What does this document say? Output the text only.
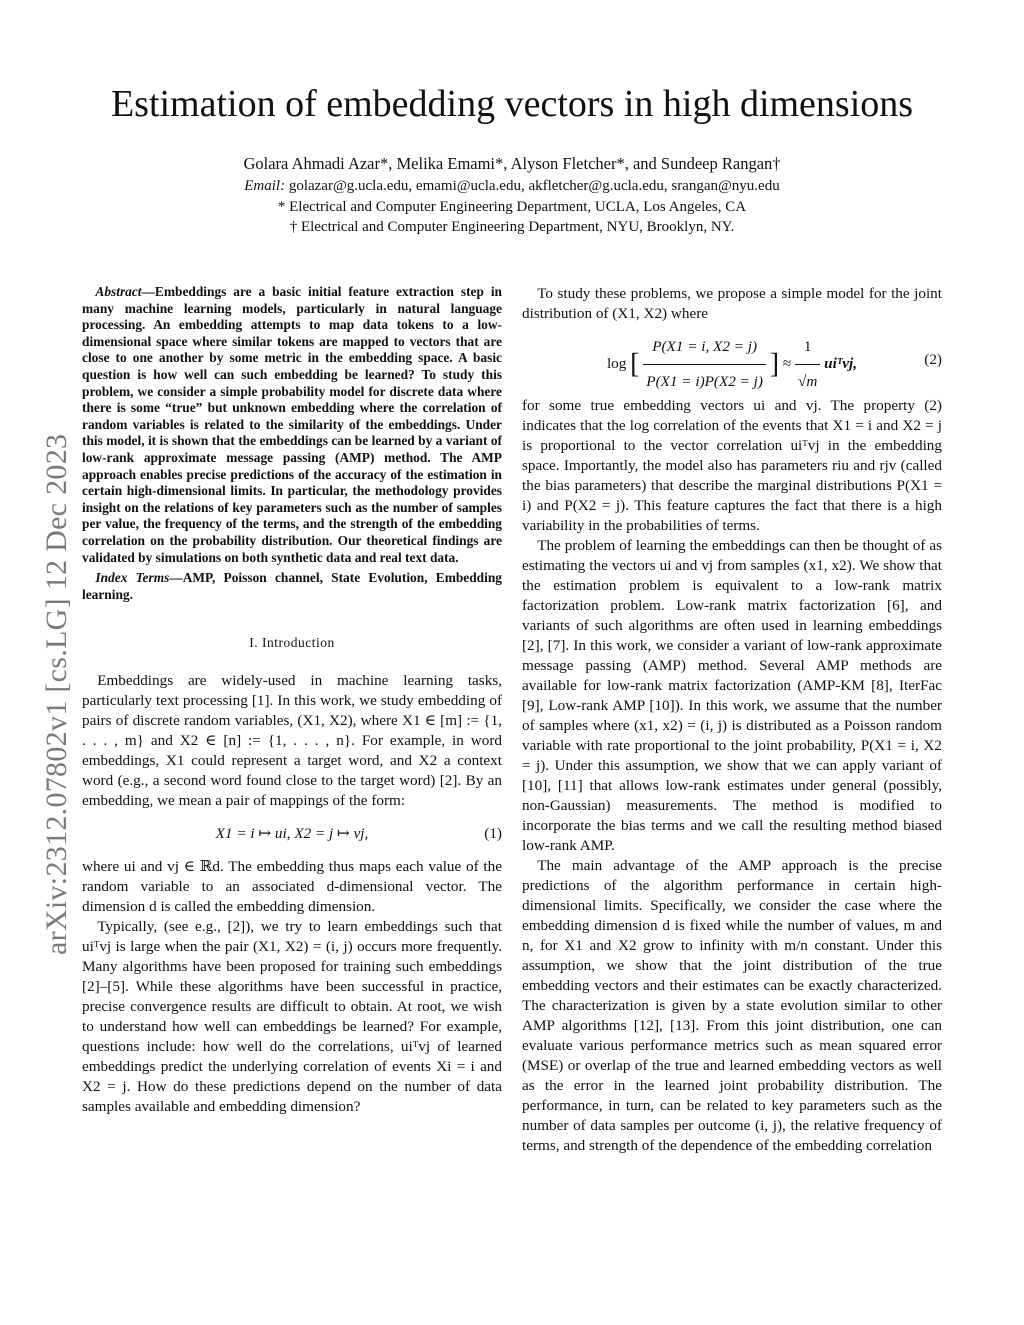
arXiv:2312.07802v1 [cs.LG] 12 Dec 2023
Estimation of embedding vectors in high dimensions
Golara Ahmadi Azar*, Melika Emami*, Alyson Fletcher*, and Sundeep Rangan†
Email: golazar@g.ucla.edu, emami@ucla.edu, akfletcher@g.ucla.edu, srangan@nyu.edu
* Electrical and Computer Engineering Department, UCLA, Los Angeles, CA
† Electrical and Computer Engineering Department, NYU, Brooklyn, NY.

Abstract—Embeddings are a basic initial feature extraction step in many machine learning models, particularly in natural language processing. An embedding attempts to map data tokens to a low-dimensional space where similar tokens are mapped to vectors that are close to one another by some metric in the embedding space. A basic question is how well can such embedding be learned? To study this problem, we consider a simple probability model for discrete data where there is some “true” but unknown embedding where the correlation of random variables is related to the similarity of the embeddings. Under this model, it is shown that the embeddings can be learned by a variant of low-rank approximate message passing (AMP) method. The AMP approach enables precise predictions of the accuracy of the estimation in certain high-dimensional limits. In particular, the methodology provides insight on the relations of key parameters such as the number of samples per value, the frequency of the terms, and the strength of the embedding correlation on the probability distribution. Our theoretical findings are validated by simulations on both synthetic data and real text data.

Index Terms—AMP, Poisson channel, State Evolution, Embedding learning.

I. Introduction

Embeddings are widely-used in machine learning tasks, particularly text processing [1]. In this work, we study embedding of pairs of discrete random variables, (X1, X2), where X1 ∈ [m] := {1, . . . , m} and X2 ∈ [n] := {1, . . . , n}. For example, in word embeddings, X1 could represent a target word, and X2 a context word (e.g., a second word found close to the target word) [2]. By an embedding, we mean a pair of mappings of the form:

X1 = i ↦ ui, X2 = j ↦ vj,	(1)

where ui and vj ∈ ℝd. The embedding thus maps each value of the random variable to an associated d-dimensional vector. The dimension d is called the embedding dimension.

Typically, (see e.g., [2]), we try to learn embeddings such that uiᵀvj is large when the pair (X1, X2) = (i, j) occurs more frequently. Many algorithms have been proposed for training such embeddings [2]–[5]. While these algorithms have been successful in practice, precise convergence results are difficult to obtain. At root, we wish to understand how well can embeddings be learned? For example, questions include: how well do the correlations, uiᵀvj of learned embeddings predict the underlying correlation of events Xi = i and X2 = j. How do these predictions depend on the number of data samples available and embedding dimension?

To study these problems, we propose a simple model for the joint distribution of (X1, X2) where

log [ $\frac{P(X1 = i, X2 = j)}{P(X1 = i)P(X2 = j)}$ ] ≈ $\frac{1}{√m}$ uiᵀvj,	(2)

for some true embedding vectors ui and vj. The property (2) indicates that the log correlation of the events that X1 = i and X2 = j is proportional to the vector correlation uiᵀvj in the embedding space. Importantly, the model also has parameters riu and rjv (called the bias parameters) that describe the marginal distributions P(X1 = i) and P(X2 = j). This feature captures the fact that there is a high variability in the probabilities of terms.

The problem of learning the embeddings can then be thought of as estimating the vectors ui and vj from samples (x1, x2). We show that the estimation problem is equivalent to a low-rank matrix factorization problem. Low-rank matrix factorization [6], and variants of such algorithms are often used in learning embeddings [2], [7]. In this work, we consider a variant of low-rank approximate message passing (AMP) method. Several AMP methods are available for low-rank matrix factorization (AMP-KM [8], IterFac [9], Low-rank AMP [10]). In this work, we assume that the number of samples where (x1, x2) = (i, j) is distributed as a Poisson random variable with rate proportional to the joint probability, P(X1 = i, X2 = j). Under this assumption, we show that we can apply variant of [10], [11] that allows low-rank estimates under general (possibly, non-Gaussian) measurements. The method is modified to incorporate the bias terms and we call the resulting method biased low-rank AMP.

The main advantage of the AMP approach is the precise predictions of the algorithm performance in certain high-dimensional limits. Specifically, we consider the case where the embedding dimension d is fixed while the number of values, m and n, for X1 and X2 grow to infinity with m/n constant. Under this assumption, we show that the joint distribution of the true embedding vectors and their estimates can be exactly characterized. The characterization is given by a state evolution similar to other AMP algorithms [12], [13]. From this joint distribution, one can evaluate various performance metrics such as mean squared error (MSE) or overlap of the true and learned embedding vectors as well as the error in the learned joint probability distribution. The performance, in turn, can be related to key parameters such as the number of data samples per outcome (i, j), the relative frequency of terms, and strength of the dependence of the embedding correlation
